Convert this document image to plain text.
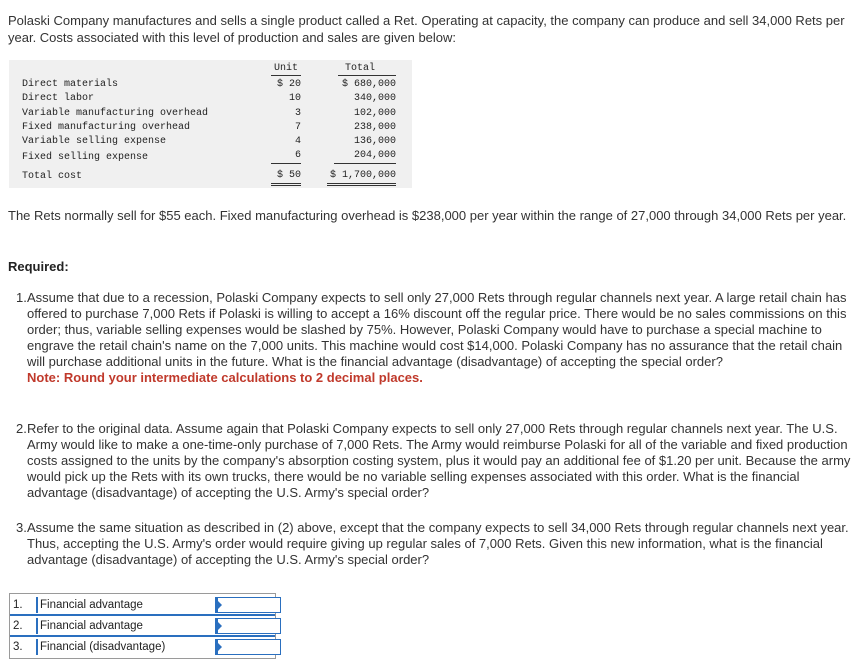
Polaski Company manufactures and sells a single product called a Ret. Operating at capacity, the company can produce and sell 34,000 Rets per year. Costs associated with this level of production and sales are given below:
Unit	Total
Direct materials	$ 20	$ 680,000
Direct labor	10	340,000
Variable manufacturing overhead	3	102,000
Fixed manufacturing overhead	7	238,000
Variable selling expense	4	136,000
Fixed selling expense	6	204,000
Total cost	$ 50	$ 1,700,000
The Rets normally sell for $55 each. Fixed manufacturing overhead is $238,000 per year within the range of 27,000 through 34,000 Rets per year.
Required:
1. Assume that due to a recession, Polaski Company expects to sell only 27,000 Rets through regular channels next year. A large retail chain has offered to purchase 7,000 Rets if Polaski is willing to accept a 16% discount off the regular price. There would be no sales commissions on this order; thus, variable selling expenses would be slashed by 75%. However, Polaski Company would have to purchase a special machine to engrave the retail chain's name on the 7,000 units. This machine would cost $14,000. Polaski Company has no assurance that the retail chain will purchase additional units in the future. What is the financial advantage (disadvantage) of accepting the special order?
Note: Round your intermediate calculations to 2 decimal places.
2. Refer to the original data. Assume again that Polaski Company expects to sell only 27,000 Rets through regular channels next year. The U.S. Army would like to make a one-time-only purchase of 7,000 Rets. The Army would reimburse Polaski for all of the variable and fixed production costs assigned to the units by the company's absorption costing system, plus it would pay an additional fee of $1.20 per unit. Because the army would pick up the Rets with its own trucks, there would be no variable selling expenses associated with this order. What is the financial advantage (disadvantage) of accepting the U.S. Army's special order?
3. Assume the same situation as described in (2) above, except that the company expects to sell 34,000 Rets through regular channels next year. Thus, accepting the U.S. Army's order would require giving up regular sales of 7,000 Rets. Given this new information, what is the financial advantage (disadvantage) of accepting the U.S. Army's special order?
1.	Financial advantage
2.	Financial advantage
3.	Financial (disadvantage)
